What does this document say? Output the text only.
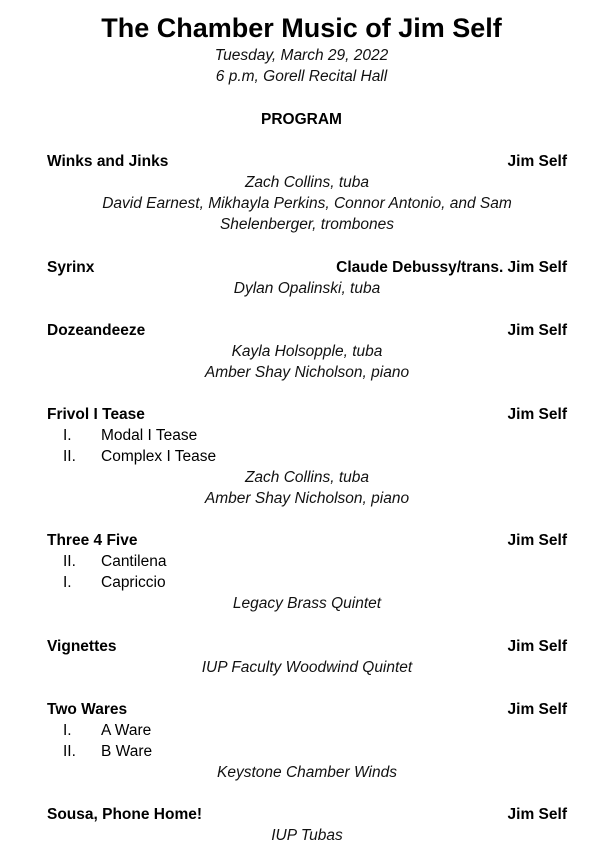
The Chamber Music of Jim Self
Tuesday, March 29, 2022
6 p.m, Gorell Recital Hall
PROGRAM
Winks and Jinks	Jim Self
Zach Collins, tuba
David Earnest, Mikhayla Perkins, Connor Antonio, and Sam Shelenberger, trombones
Syrinx	Claude Debussy/trans. Jim Self
Dylan Opalinski, tuba
Dozeandeeze	Jim Self
Kayla Holsopple, tuba
Amber Shay Nicholson, piano
Frivol I Tease	Jim Self
I.	Modal I Tease
II.	Complex I Tease
Zach Collins, tuba
Amber Shay Nicholson, piano
Three 4 Five	Jim Self
II.	Cantilena
I.	Capriccio
Legacy Brass Quintet
Vignettes	Jim Self
IUP Faculty Woodwind Quintet
Two Wares	Jim Self
I.	A Ware
II.	B Ware
Keystone Chamber Winds
Sousa, Phone Home!	Jim Self
IUP Tubas
